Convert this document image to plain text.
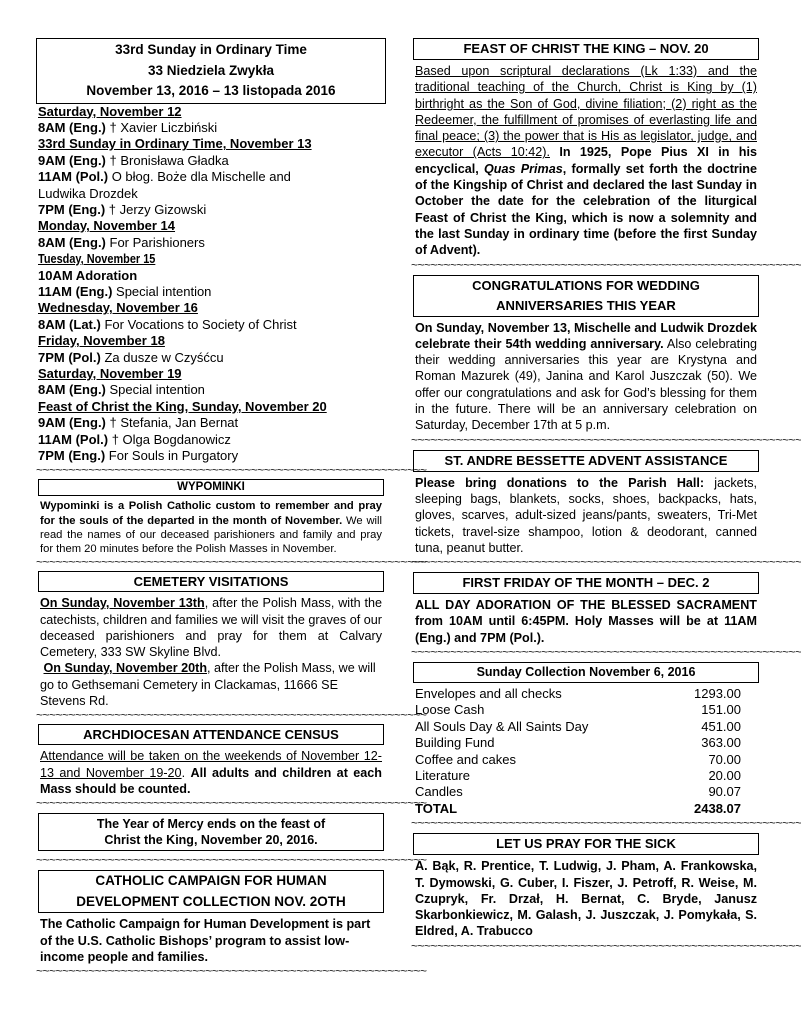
33rd Sunday in Ordinary Time
33 Niedziela Zwykła
November 13, 2016 – 13 listopada 2016
Saturday, November 12
8AM (Eng.) † Xavier Liczbiński
33rd Sunday in Ordinary Time, November 13
9AM (Eng.) † Bronisława Gładka
11AM (Pol.) O błog. Boże dla Mischelle and
Ludwika Drozdek
7PM (Eng.) † Jerzy Gizowski
Monday, November 14
8AM (Eng.) For Parishioners
Tuesday, November 15
10AM Adoration
11AM (Eng.) Special intention
Wednesday, November 16
8AM (Lat.) For Vocations to Society of Christ
Friday, November 18
7PM (Pol.) Za dusze w Czyśćcu
Saturday, November 19
8AM (Eng.) Special intention
Feast of Christ the King, Sunday, November 20
9AM (Eng.) † Stefania, Jan Bernat
11AM (Pol.) † Olga Bogdanowicz
7PM (Eng.) For Souls in Purgatory
~~~~~~~~~~~~~~~~~~~~~~~~~~~~~~~~~~~~~~~~~~~~~~~~~~~~~~~~~~~~
WYPOMINKI
Wypominki is a Polish Catholic custom to remember and pray for the souls of the departed in the month of November. We will read the names of our deceased parishioners and family and pray for them 20 minutes before the Polish Masses in November.
~~~~~~~~~~~~~~~~~~~~~~~~~~~~~~~~~~~~~~~~~~~~~~~~~~~~~~~~~~~~
CEMETERY VISITATIONS
On Sunday, November 13th, after the Polish Mass, with the catechists, children and families we will visit the graves of our deceased parishioners and pray for them at Calvary Cemetery, 333 SW Skyline Blvd.
On Sunday, November 20th, after the Polish Mass, we will go to Gethsemani Cemetery in Clackamas, 11666 SE Stevens Rd.
~~~~~~~~~~~~~~~~~~~~~~~~~~~~~~~~~~~~~~~~~~~~~~~~~~~~~~~~~~~~
ARCHDIOCESAN ATTENDANCE CENSUS
Attendance will be taken on the weekends of November 12-13 and November 19-20. All adults and children at each Mass should be counted.
~~~~~~~~~~~~~~~~~~~~~~~~~~~~~~~~~~~~~~~~~~~~~~~~~~~~~~~~~~~~
The Year of Mercy ends on the feast of
Christ the King, November 20, 2016.
~~~~~~~~~~~~~~~~~~~~~~~~~~~~~~~~~~~~~~~~~~~~~~~~~~~~~~~~~~~~
CATHOLIC CAMPAIGN FOR HUMAN
DEVELOPMENT COLLECTION NOV. 2OTH
The Catholic Campaign for Human Development is part of the U.S. Catholic Bishops’ program to assist low-income people and families.
~~~~~~~~~~~~~~~~~~~~~~~~~~~~~~~~~~~~~~~~~~~~~~~~~~~~~~~~~~~~
FEAST OF CHRIST THE KING – NOV. 20
Based upon scriptural declarations (Lk 1:33) and the traditional teaching of the Church, Christ is King by (1) birthright as the Son of God, divine filiation; (2) right as the Redeemer, the fulfillment of promises of everlasting life and final peace; (3) the power that is His as legislator, judge, and executor (Acts 10:42). In 1925, Pope Pius XI in his encyclical, Quas Primas, formally set forth the doctrine of the Kingship of Christ and declared the last Sunday in October the date for the celebration of the liturgical Feast of Christ the King, which is now a solemnity and the last Sunday in ordinary time (before the first Sunday of Advent).
~~~~~~~~~~~~~~~~~~~~~~~~~~~~~~~~~~~~~~~~~~~~~~~~~~~~~~~~~~~~
CONGRATULATIONS FOR WEDDING
ANNIVERSARIES THIS YEAR
On Sunday, November 13, Mischelle and Ludwik Drozdek celebrate their 54th wedding anniversary. Also celebrating their wedding anniversaries this year are Krystyna and Roman Mazurek (49), Janina and Karol Juszczak (50). We offer our congratulations and ask for God’s blessing for them in the future. There will be an anniversary celebration on Saturday, December 17th at 5 p.m.
~~~~~~~~~~~~~~~~~~~~~~~~~~~~~~~~~~~~~~~~~~~~~~~~~~~~~~~~~~~~
ST. ANDRE BESSETTE ADVENT ASSISTANCE
Please bring donations to the Parish Hall: jackets, sleeping bags, blankets, socks, shoes, backpacks, hats, gloves, scarves, adult-sized jeans/pants, sweaters, Tri-Met tickets, travel-size shampoo, lotion & deodorant, canned tuna, peanut butter.
~~~~~~~~~~~~~~~~~~~~~~~~~~~~~~~~~~~~~~~~~~~~~~~~~~~~~~~~~~~~
FIRST FRIDAY OF THE MONTH – DEC. 2
ALL DAY ADORATION OF THE BLESSED SACRAMENT from 10AM until 6:45PM. Holy Masses will be at 11AM (Eng.) and 7PM (Pol.).
~~~~~~~~~~~~~~~~~~~~~~~~~~~~~~~~~~~~~~~~~~~~~~~~~~~~~~~~~~~~
Sunday Collection November 6, 2016
Envelopes and all checks	1293.00
Loose Cash	151.00
All Souls Day & All Saints Day	451.00
Building Fund	363.00
Coffee and cakes	70.00
Literature	20.00
Candles	90.07
TOTAL	2438.07
~~~~~~~~~~~~~~~~~~~~~~~~~~~~~~~~~~~~~~~~~~~~~~~~~~~~~~~~~~~~
LET US PRAY FOR THE SICK
A. Bąk, R. Prentice, T. Ludwig, J. Pham, A. Frankowska, T. Dymowski, G. Cuber, I. Fiszer, J. Petroff, R. Weise, M. Czupryk, Fr. Drzał, H. Bernat, C. Bryde, Janusz Skarbonkiewicz, M. Galash, J. Juszczak, J. Pomykała, S. Eldred, A. Trabucco
~~~~~~~~~~~~~~~~~~~~~~~~~~~~~~~~~~~~~~~~~~~~~~~~~~~~~~~~~~~~
